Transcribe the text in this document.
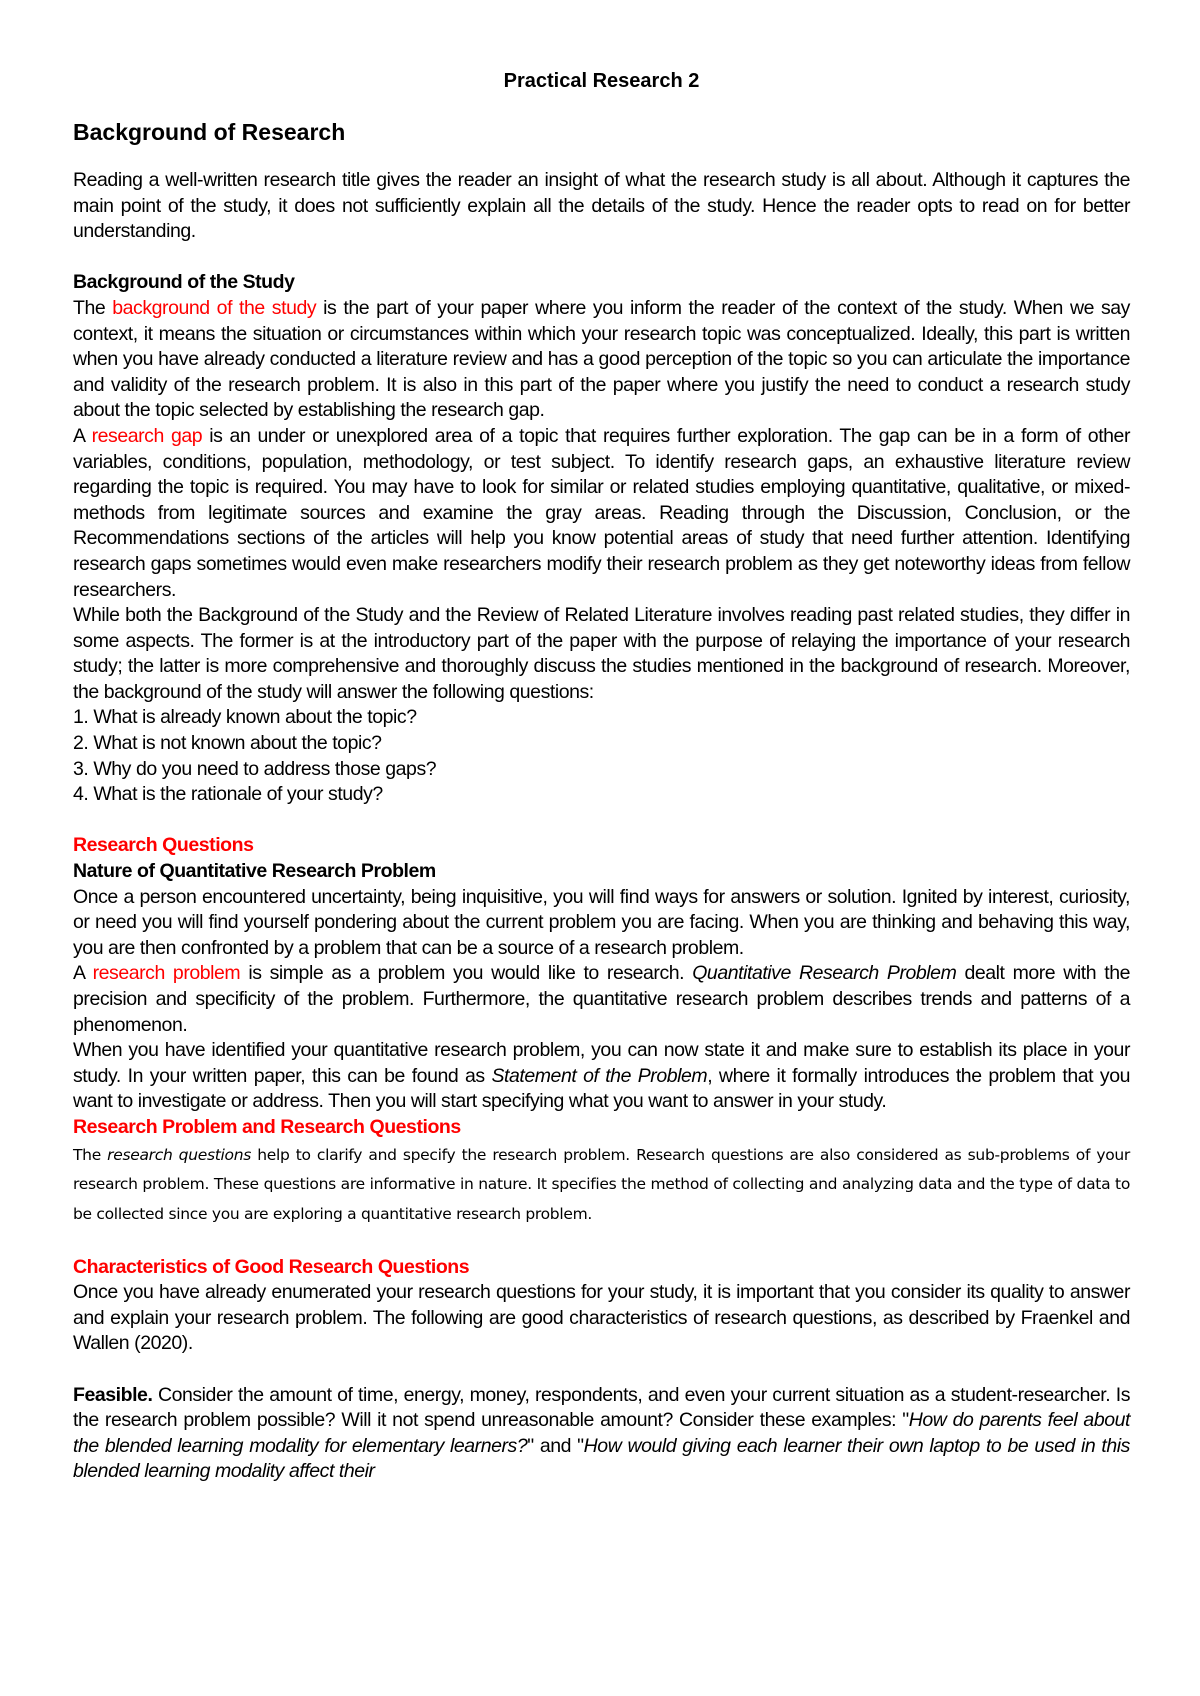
Practical Research 2
Background of Research
Reading a well-written research title gives the reader an insight of what the research study is all about. Although it captures the main point of the study, it does not sufficiently explain all the details of the study. Hence the reader opts to read on for better understanding.
Background of the Study
The background of the study is the part of your paper where you inform the reader of the context of the study. When we say context, it means the situation or circumstances within which your research topic was conceptualized. Ideally, this part is written when you have already conducted a literature review and has a good perception of the topic so you can articulate the importance and validity of the research problem. It is also in this part of the paper where you justify the need to conduct a research study about the topic selected by establishing the research gap.
A research gap is an under or unexplored area of a topic that requires further exploration. The gap can be in a form of other variables, conditions, population, methodology, or test subject. To identify research gaps, an exhaustive literature review regarding the topic is required. You may have to look for similar or related studies employing quantitative, qualitative, or mixed-methods from legitimate sources and examine the gray areas. Reading through the Discussion, Conclusion, or the Recommendations sections of the articles will help you know potential areas of study that need further attention. Identifying research gaps sometimes would even make researchers modify their research problem as they get noteworthy ideas from fellow researchers.
While both the Background of the Study and the Review of Related Literature involves reading past related studies, they differ in some aspects. The former is at the introductory part of the paper with the purpose of relaying the importance of your research study; the latter is more comprehensive and thoroughly discuss the studies mentioned in the background of research. Moreover, the background of the study will answer the following questions:
1. What is already known about the topic?
2. What is not known about the topic?
3. Why do you need to address those gaps?
4. What is the rationale of your study?
Research Questions
Nature of Quantitative Research Problem
Once a person encountered uncertainty, being inquisitive, you will find ways for answers or solution. Ignited by interest, curiosity, or need you will find yourself pondering about the current problem you are facing. When you are thinking and behaving this way, you are then confronted by a problem that can be a source of a research problem.
A research problem is simple as a problem you would like to research. Quantitative Research Problem dealt more with the precision and specificity of the problem. Furthermore, the quantitative research problem describes trends and patterns of a phenomenon.
When you have identified your quantitative research problem, you can now state it and make sure to establish its place in your study. In your written paper, this can be found as Statement of the Problem, where it formally introduces the problem that you want to investigate or address. Then you will start specifying what you want to answer in your study.
Research Problem and Research Questions
The research questions help to clarify and specify the research problem. Research questions are also considered as sub-problems of your research problem. These questions are informative in nature. It specifies the method of collecting and analyzing data and the type of data to be collected since you are exploring a quantitative research problem.
Characteristics of Good Research Questions
Once you have already enumerated your research questions for your study, it is important that you consider its quality to answer and explain your research problem. The following are good characteristics of research questions, as described by Fraenkel and Wallen (2020).
Feasible. Consider the amount of time, energy, money, respondents, and even your current situation as a student-researcher. Is the research problem possible? Will it not spend unreasonable amount? Consider these examples: "How do parents feel about the blended learning modality for elementary learners?" and "How would giving each learner their own laptop to be used in this blended learning modality affect their
